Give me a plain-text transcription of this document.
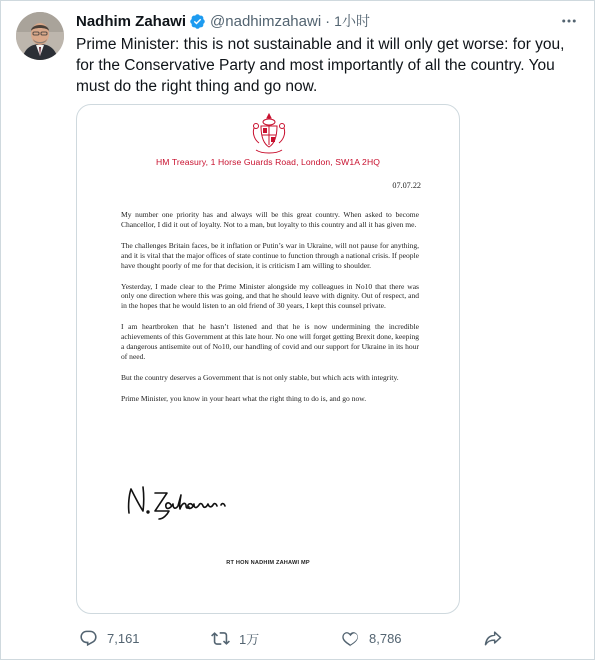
Nadhim Zahawi @nadhimzahawi · 1小时

Prime Minister: this is not sustainable and it will only get worse: for you, for the Conservative Party and most importantly of all the country. You must do the right thing and go now.

HM Treasury, 1 Horse Guards Road, London, SW1A 2HQ
07.07.22

My number one priority has and always will be this great country. When asked to become Chancellor, I did it out of loyalty. Not to a man, but loyalty to this country and all it has given me.

The challenges Britain faces, be it inflation or Putin’s war in Ukraine, will not pause for anything, and it is vital that the major offices of state continue to function through a national crisis. If people have thought poorly of me for that decision, it is criticism I am willing to shoulder.

Yesterday, I made clear to the Prime Minister alongside my colleagues in No10 that there was only one direction where this was going, and that he should leave with dignity. Out of respect, and in the hopes that he would listen to an old friend of 30 years, I kept this counsel private.

I am heartbroken that he hasn’t listened and that he is now undermining the incredible achievements of this Government at this late hour. No one will forget getting Brexit done, keeping a dangerous antisemite out of No10, our handling of covid and our support for Ukraine in its hour of need.

But the country deserves a Government that is not only stable, but which acts with integrity.

Prime Minister, you know in your heart what the right thing to do is, and go now.

RT HON NADHIM ZAHAWI MP
7,161	1万	8,786
